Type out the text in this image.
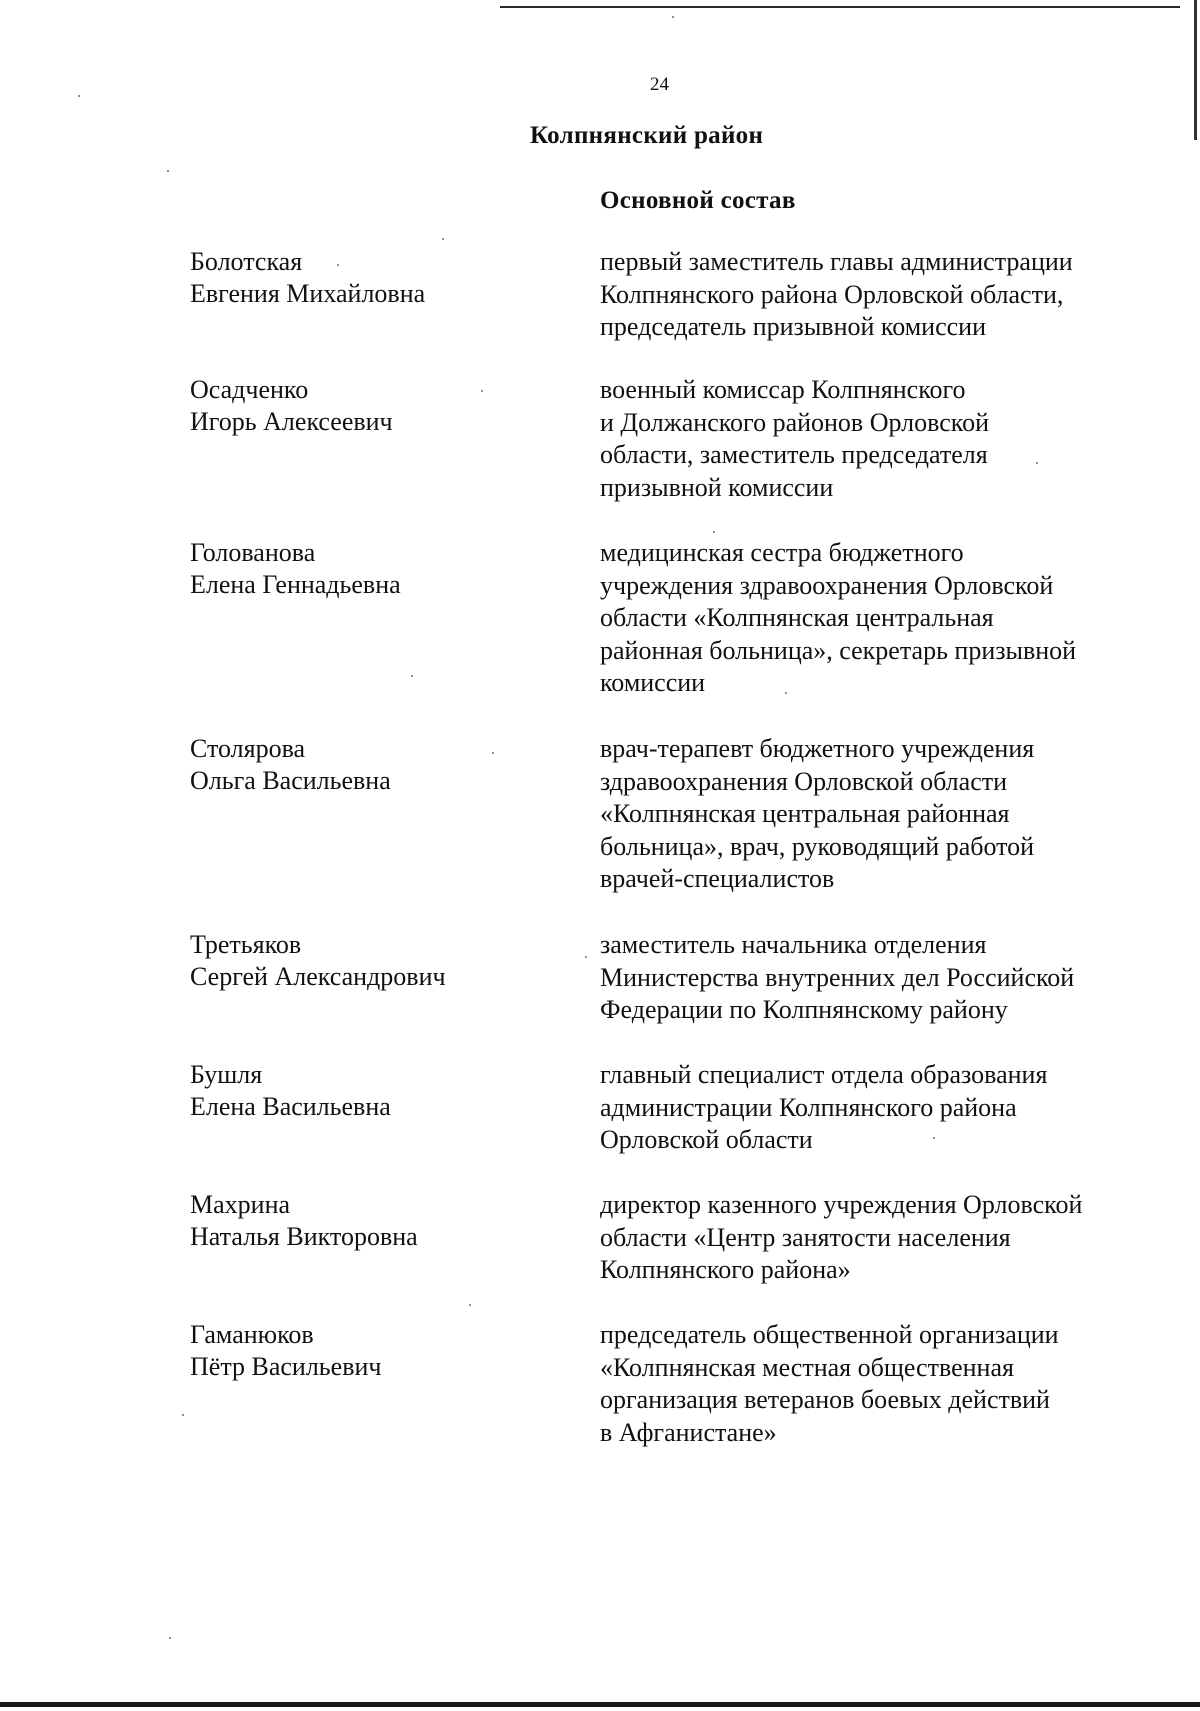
24
Колпнянский район
Основной состав
Болотская
Евгения Михайловна
первый заместитель главы администрации
Колпнянского района Орловской области,
председатель призывной комиссии
Осадченко
Игорь Алексеевич
военный комиссар Колпнянского
и Должанского районов Орловской
области, заместитель председателя
призывной комиссии
Голованова
Елена Геннадьевна
медицинская сестра бюджетного
учреждения здравоохранения Орловской
области «Колпнянская центральная
районная больница», секретарь призывной
комиссии
Столярова
Ольга Васильевна
врач-терапевт бюджетного учреждения
здравоохранения Орловской области
«Колпнянская центральная районная
больница», врач, руководящий работой
врачей-специалистов
Третьяков
Сергей Александрович
заместитель начальника отделения
Министерства внутренних дел Российской
Федерации по Колпнянскому району
Бушля
Елена Васильевна
главный специалист отдела образования
администрации Колпнянского района
Орловской области
Махрина
Наталья Викторовна
директор казенного учреждения Орловской
области «Центр занятости населения
Колпнянского района»
Гаманюков
Пётр Васильевич
председатель общественной организации
«Колпнянская местная общественная
организация ветеранов боевых действий
в Афганистане»
